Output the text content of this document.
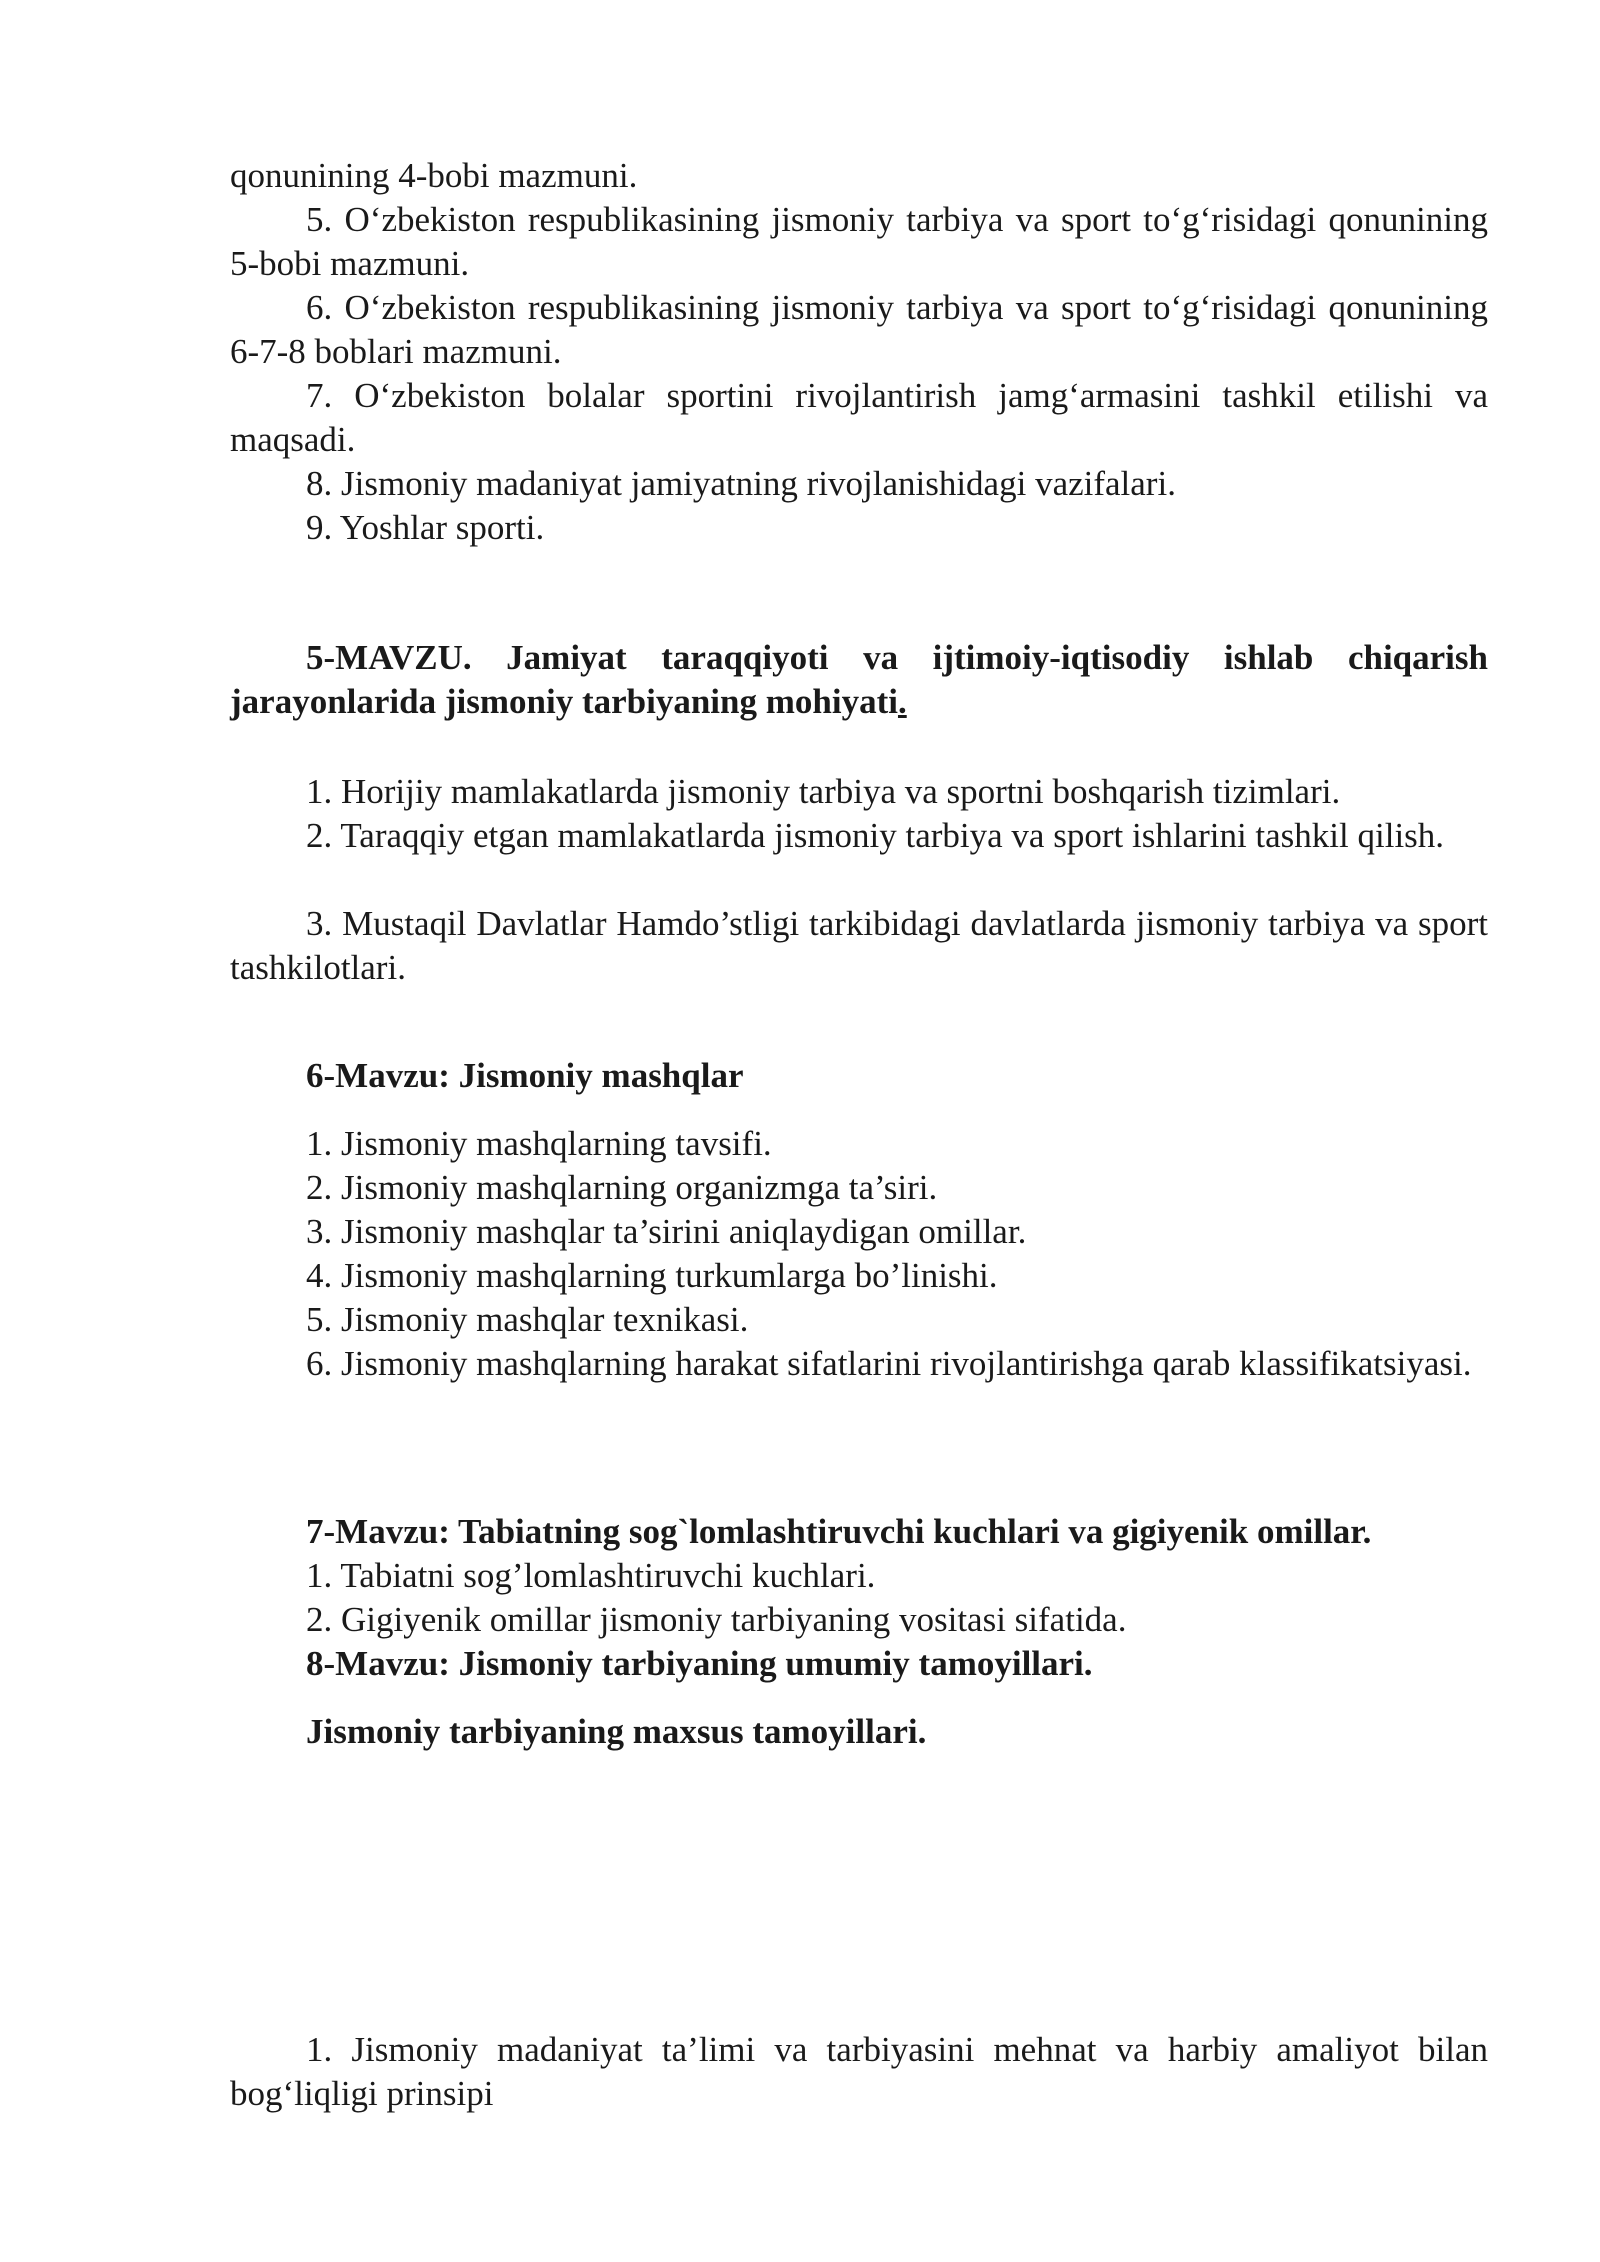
qonunining 4-bobi mazmuni.

5. O‘zbekiston respublikasining jismoniy tarbiya va sport to‘g‘risidagi qonunining 5-bobi mazmuni.

6. O‘zbekiston respublikasining jismoniy tarbiya va sport to‘g‘risidagi qonunining 6-7-8 boblari mazmuni.

7. O‘zbekiston bolalar sportini rivojlantirish jamg‘armasini tashkil etilishi va maqsadi.

8. Jismoniy madaniyat jamiyatning rivojlanishidagi vazifalari.

9. Yoshlar sporti.

5-MAVZU. Jamiyat taraqqiyoti va ijtimoiy-iqtisodiy ishlab chiqarish jarayonlarida jismoniy tarbiyaning mohiyati.

1. Horijiy mamlakatlarda jismoniy tarbiya va sportni boshqarish tizimlari.

2. Taraqqiy etgan mamlakatlarda jismoniy tarbiya va sport ishlarini tashkil qilish.

3. Mustaqil Davlatlar Hamdo’stligi tarkibidagi davlatlarda jismoniy tarbiya va sport tashkilotlari.

6-Mavzu: Jismoniy mashqlar

1. Jismoniy mashqlarning tavsifi.

2. Jismoniy mashqlarning organizmga ta’siri.

3. Jismoniy mashqlar ta’sirini aniqlaydigan omillar.

4. Jismoniy mashqlarning turkumlarga bo’linishi.

5. Jismoniy mashqlar texnikasi.

6. Jismoniy mashqlarning harakat sifatlarini rivojlantirishga qarab klassifikatsiyasi.

7-Mavzu: Tabiatning sog`lomlashtiruvchi kuchlari va gigiyenik omillar.

1. Tabiatni sog’lomlashtiruvchi kuchlari.

2. Gigiyenik omillar jismoniy tarbiyaning vositasi sifatida.

8-Mavzu: Jismoniy tarbiyaning umumiy tamoyillari.

Jismoniy tarbiyaning maxsus tamoyillari.

1. Jismoniy madaniyat ta’limi va tarbiyasini mehnat va harbiy amaliyot bilan bog‘liqligi prinsipi
